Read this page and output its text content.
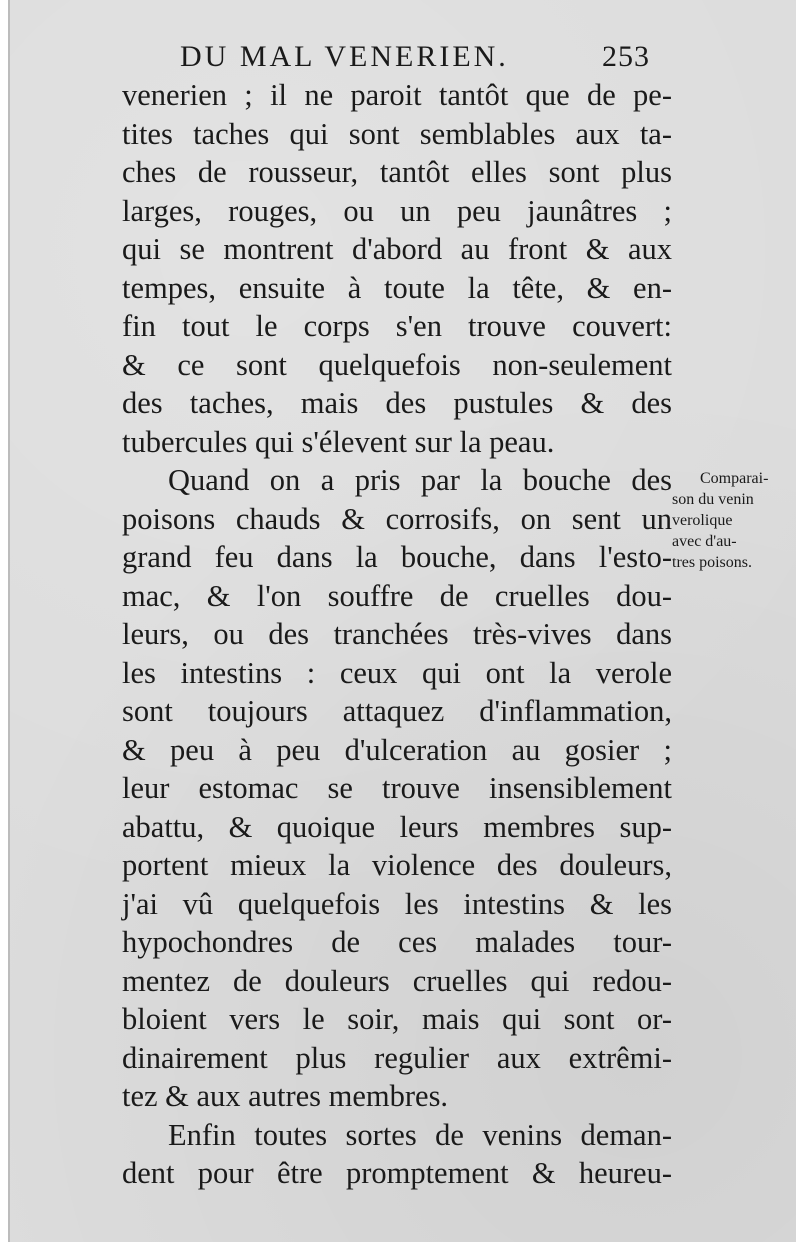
DU MAL VENERIEN.	253
venerien ; il ne paroit tantôt que de pe-
tites taches qui sont semblables aux ta-
ches de rousseur, tantôt elles sont plus
larges, rouges, ou un peu jaunâtres ;
qui se montrent d'abord au front & aux
tempes, ensuite à toute la tête, & en-
fin tout le corps s'en trouve couvert:
& ce sont quelquefois non-seulement
des taches, mais des pustules & des
tubercules qui s'élevent sur la peau.
Quand on a pris par la bouche des
poisons chauds & corrosifs, on sent un
grand feu dans la bouche, dans l'esto-
mac, & l'on souffre de cruelles dou-
leurs, ou des tranchées très-vives dans
les intestins : ceux qui ont la verole
sont toujours attaquez d'inflammation,
& peu à peu d'ulceration au gosier ;
leur estomac se trouve insensiblement
abattu, & quoique leurs membres sup-
portent mieux la violence des douleurs,
j'ai vû quelquefois les intestins & les
hypochondres de ces malades tour-
mentez de douleurs cruelles qui redou-
bloient vers le soir, mais qui sont or-
dinairement plus regulier aux extrêmi-
tez & aux autres membres.
Enfin toutes sortes de venins deman-
dent pour être promptement & heureu-
Comparai-
son du venin
verolique
avec d'au-
tres poisons.
